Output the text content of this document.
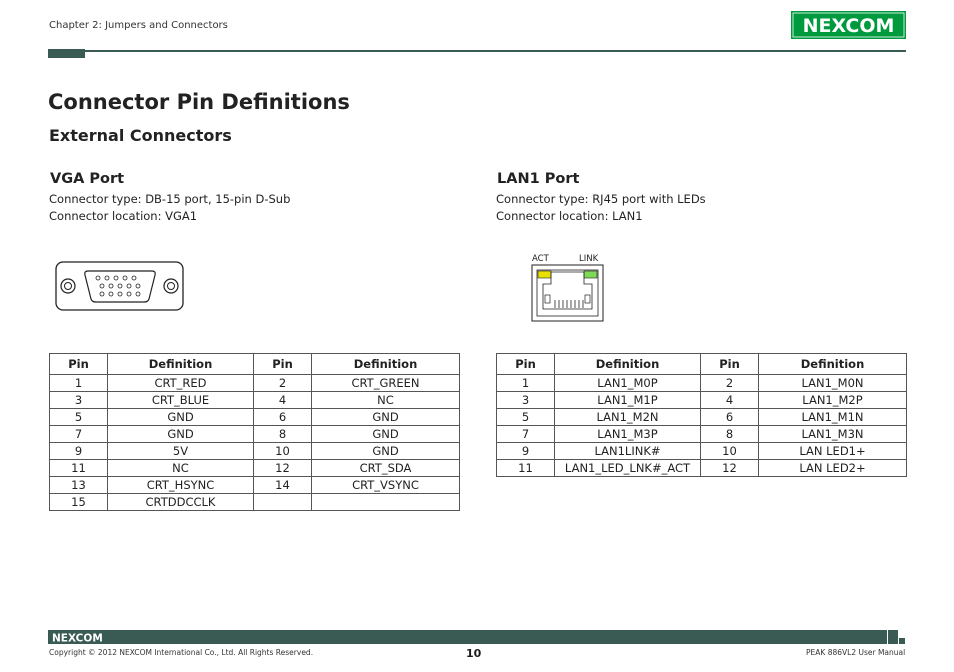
Chapter 2: Jumpers and Connectors	NEXCOM
Connector Pin Definitions
External Connectors
VGA Port
Connector type: DB-15 port, 15-pin D-Sub
Connector location: VGA1
Pin	Definition	Pin	Definition
1	CRT_RED	2	CRT_GREEN
3	CRT_BLUE	4	NC
5	GND	6	GND
7	GND	8	GND
9	5V	10	GND
11	NC	12	CRT_SDA
13	CRT_HSYNC	14	CRT_VSYNC
15	CRTDDCCLK		
LAN1 Port
Connector type: RJ45 port with LEDs
Connector location: LAN1
ACT	LINK
Pin	Definition	Pin	Definition
1	LAN1_M0P	2	LAN1_M0N
3	LAN1_M1P	4	LAN1_M2P
5	LAN1_M2N	6	LAN1_M1N
7	LAN1_M3P	8	LAN1_M3N
9	LAN1LINK#	10	LAN LED1+
11	LAN1_LED_LNK#_ACT	12	LAN LED2+
NEXCOM
Copyright © 2012 NEXCOM International Co., Ltd. All Rights Reserved.	10	PEAK 886VL2 User Manual
